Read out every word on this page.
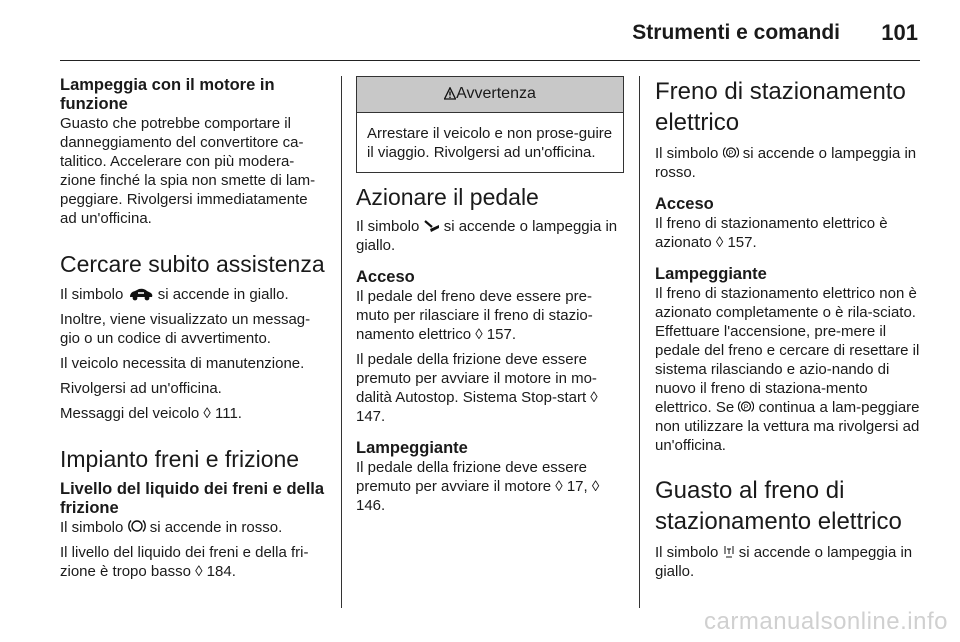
Strumenti e comandi 101

Lampeggia con il motore in funzione

Guasto che potrebbe comportare il danneggiamento del convertitore ca-talitico. Accelerare con più modera-zione finché la spia non smette di lam-peggiare. Rivolgersi immediatamente ad un'officina.

Cercare subito assistenza

Il simbolo si accende in giallo.

Inoltre, viene visualizzato un messag-gio o un codice di avvertimento.

Il veicolo necessita di manutenzione.

Rivolgersi ad un'officina.

Messaggi del veicolo ◊ 111.

Impianto freni e frizione

Livello del liquido dei freni e della frizione

Il simbolo si accende in rosso.

Il livello del liquido dei freni e della fri-zione è tropo basso ◊ 184.

Avvertenza

Arrestare il veicolo e non prose-guire il viaggio. Rivolgersi ad un'officina.

Azionare il pedale

Il simbolo si accende o lampeggia in giallo.

Acceso

Il pedale del freno deve essere pre-muto per rilasciare il freno di stazio-namento elettrico ◊ 157.

Il pedale della frizione deve essere premuto per avviare il motore in mo-dalità Autostop. Sistema Stop-start ◊ 147.

Lampeggiante

Il pedale della frizione deve essere premuto per avviare il motore ◊ 17, ◊ 146.

Freno di stazionamento elettrico

Il simbolo P si accende o lampeggia in rosso.

Acceso

Il freno di stazionamento elettrico è azionato ◊ 157.

Lampeggiante

Il freno di stazionamento elettrico non è azionato completamente o è rila-sciato. Effettuare l'accensione, pre-mere il pedale del freno e cercare di resettare il sistema rilasciando e azio-nando di nuovo il freno di staziona-mento elettrico. Se P continua a lam-peggiare non utilizzare la vettura ma rivolgersi ad un'officina.

Guasto al freno di stazionamento elettrico

Il simbolo si accende o lampeggia in giallo.

carmanualsonline.info
